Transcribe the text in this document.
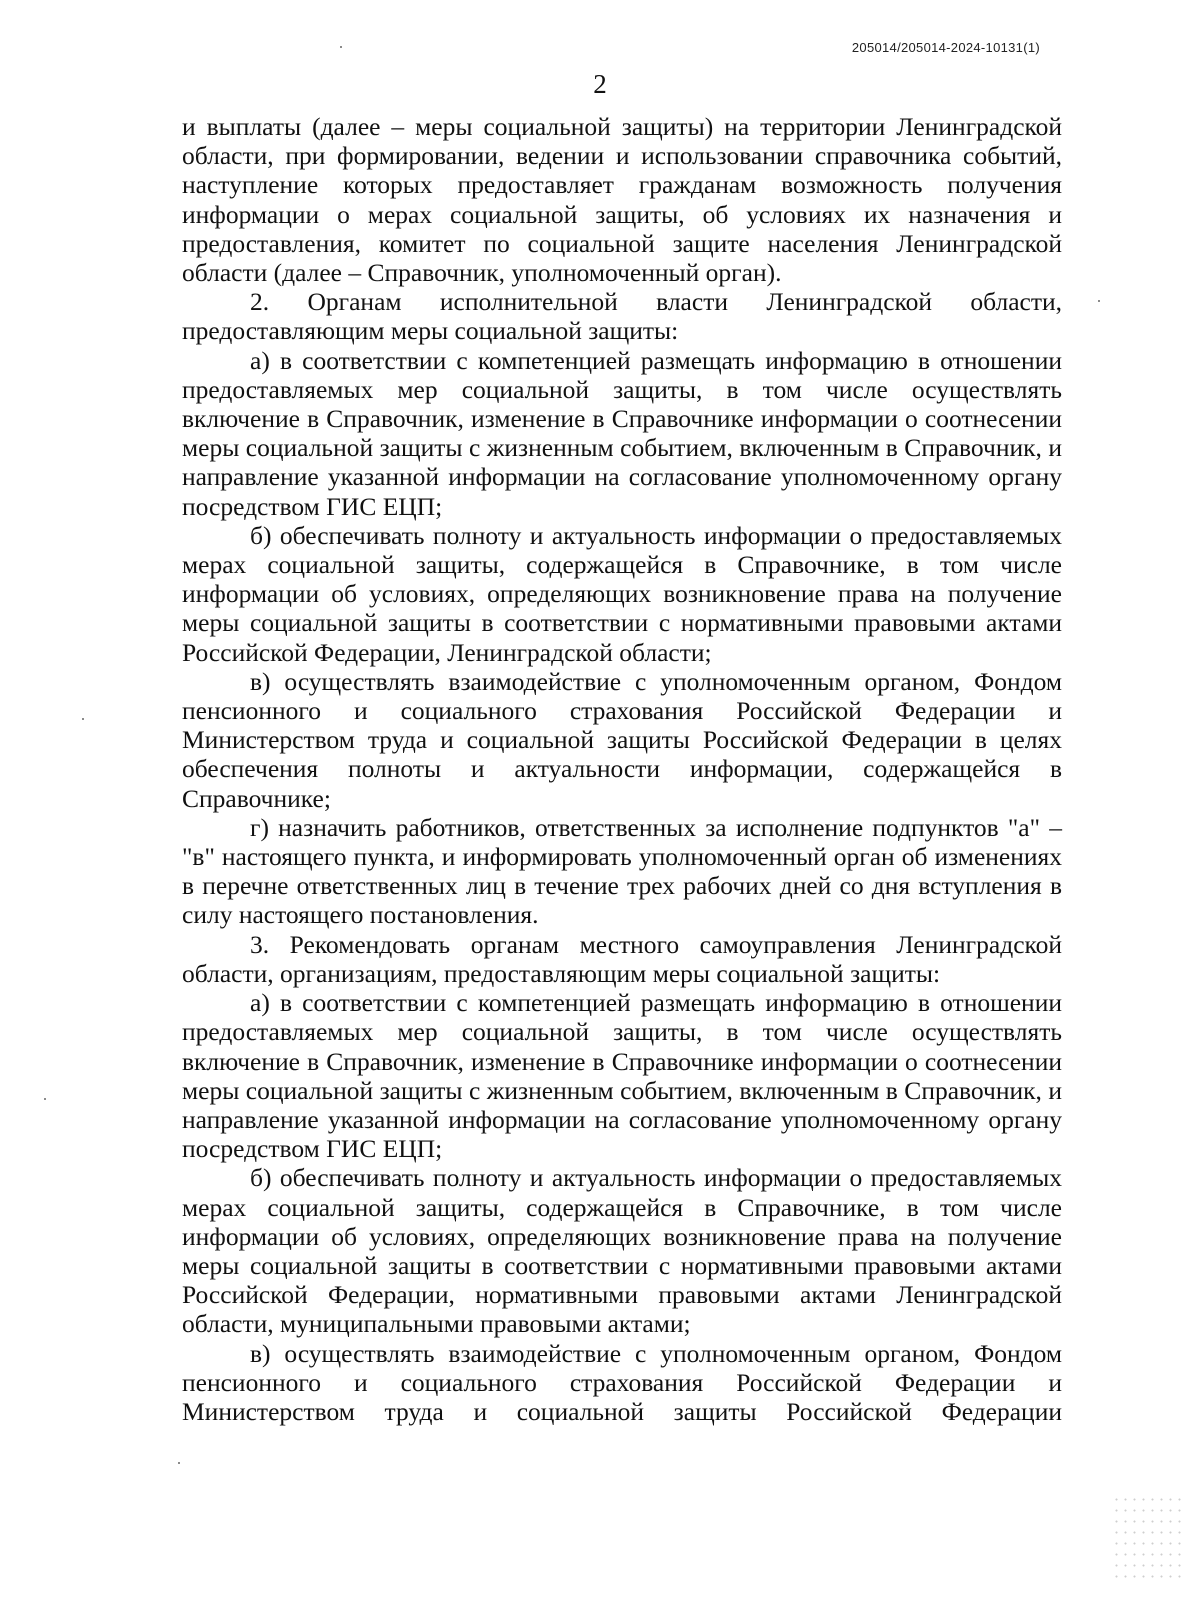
205014/205014-2024-10131(1)
2

и выплаты (далее – меры социальной защиты) на территории Ленинградской области, при формировании, ведении и использовании справочника событий, наступление которых предоставляет гражданам возможность получения информации о мерах социальной защиты, об условиях их назначения и предоставления, комитет по социальной защите населения Ленинградской области (далее – Справочник, уполномоченный орган).

2. Органам исполнительной власти Ленинградской области, предоставляющим меры социальной защиты:

а) в соответствии с компетенцией размещать информацию в отношении предоставляемых мер социальной защиты, в том числе осуществлять включение в Справочник, изменение в Справочнике информации о соотнесении меры социальной защиты с жизненным событием, включенным в Справочник, и направление указанной информации на согласование уполномоченному органу посредством ГИС ЕЦП;

б) обеспечивать полноту и актуальность информации о предоставляемых мерах социальной защиты, содержащейся в Справочнике, в том числе информации об условиях, определяющих возникновение права на получение меры социальной защиты в соответствии с нормативными правовыми актами Российской Федерации, Ленинградской области;

в) осуществлять взаимодействие с уполномоченным органом, Фондом пенсионного и социального страхования Российской Федерации и Министерством труда и социальной защиты Российской Федерации в целях обеспечения полноты и актуальности информации, содержащейся в Справочнике;

г) назначить работников, ответственных за исполнение подпунктов "а" – "в" настоящего пункта, и информировать уполномоченный орган об изменениях в перечне ответственных лиц в течение трех рабочих дней со дня вступления в силу настоящего постановления.

3. Рекомендовать органам местного самоуправления Ленинградской области, организациям, предоставляющим меры социальной защиты:

а) в соответствии с компетенцией размещать информацию в отношении предоставляемых мер социальной защиты, в том числе осуществлять включение в Справочник, изменение в Справочнике информации о соотнесении меры социальной защиты с жизненным событием, включенным в Справочник, и направление указанной информации на согласование уполномоченному органу посредством ГИС ЕЦП;

б) обеспечивать полноту и актуальность информации о предоставляемых мерах социальной защиты, содержащейся в Справочнике, в том числе информации об условиях, определяющих возникновение права на получение меры социальной защиты в соответствии с нормативными правовыми актами Российской Федерации, нормативными правовыми актами Ленинградской области, муниципальными правовыми актами;

в) осуществлять взаимодействие с уполномоченным органом, Фондом пенсионного и социального страхования Российской Федерации и Министерством труда и социальной защиты Российской Федерации
